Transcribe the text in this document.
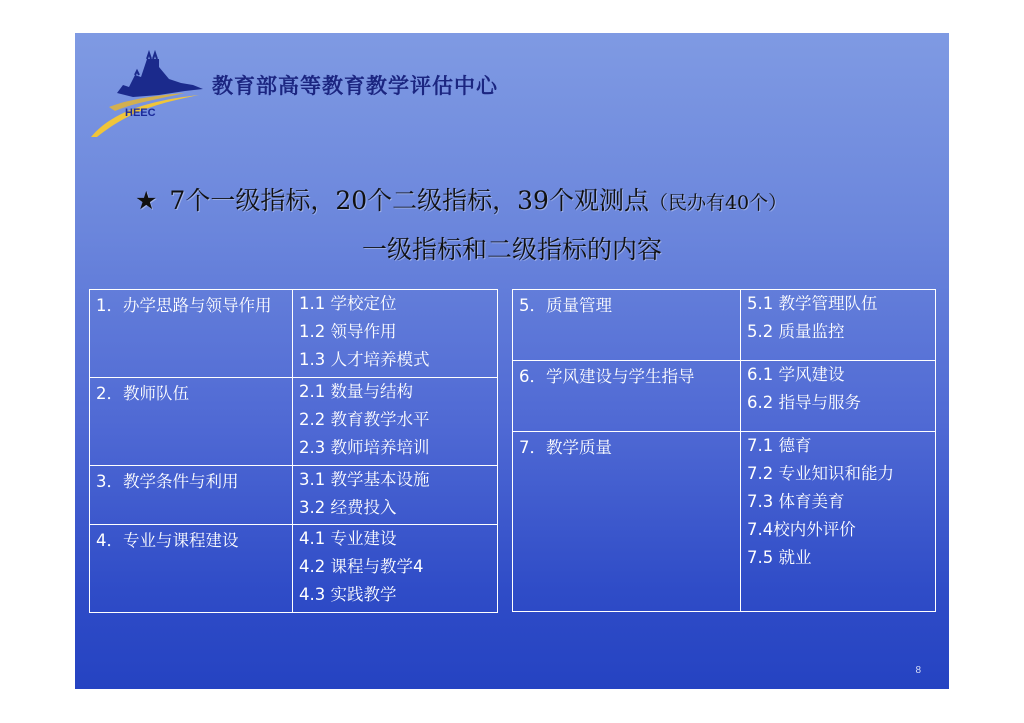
HEEC
教育部高等教育教学评估中心
★ 7个一级指标，20个二级指标，39个观测点（民办有40个）
一级指标和二级指标的内容
1．办学思路与领导作用	1.1 学校定位
1.2 领导作用
1.3 人才培养模式

2．教师队伍	2.1 数量与结构
2.2 教育教学水平
2.3 教师培养培训

3．教学条件与利用	3.1 教学基本设施
3.2 经费投入

4．专业与课程建设	4.1 专业建设
4.2 课程与教学4
4.3 实践教学
5．质量管理	5.1 教学管理队伍
5.2 质量监控

6．学风建设与学生指导	6.1 学风建设
6.2 指导与服务

7．教学质量	7.1 德育
7.2 专业知识和能力
7.3 体育美育
7.4校内外评价
7.5 就业
8
